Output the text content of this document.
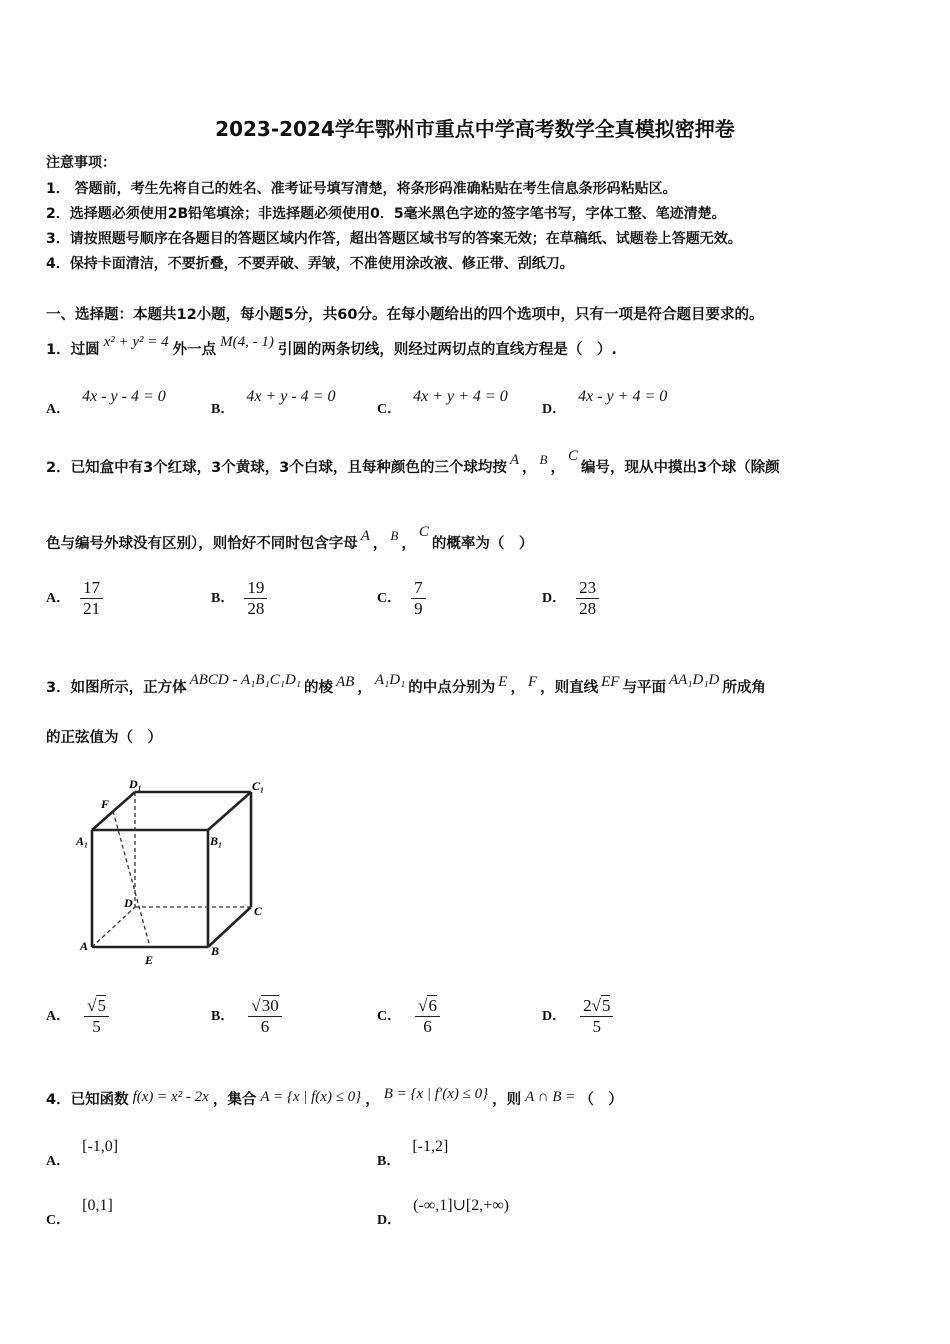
2023-2024学年鄂州市重点中学高考数学全真模拟密押卷
注意事项：
1． 答题前，考生先将自己的姓名、准考证号填写清楚，将条形码准确粘贴在考生信息条形码粘贴区。
2．选择题必须使用2B铅笔填涂；非选择题必须使用0．5毫米黑色字迹的签字笔书写，字体工整、笔迹清楚。
3．请按照题号顺序在各题目的答题区域内作答，超出答题区域书写的答案无效；在草稿纸、试题卷上答题无效。
4．保持卡面清洁，不要折叠，不要弄破、弄皱，不准使用涂改液、修正带、刮纸刀。
一、选择题：本题共12小题，每小题5分，共60分。在每小题给出的四个选项中，只有一项是符合题目要求的。
1．过圆 x² + y² = 4 外一点 M(4, - 1) 引圆的两条切线，则经过两切点的直线方程是（　）.
A．4x - y - 4 = 0
B．4x + y - 4 = 0
C．4x + y + 4 = 0
D．4x - y + 4 = 0
2．已知盒中有3个红球，3个黄球，3个白球，且每种颜色的三个球均按 A ，B，C编号，现从中摸出3个球（除颜
色与编号外球没有区别），则恰好不同时包含字母 A ，B，C的概率为（　）
A． $\frac{17}{21}$	B． $\frac{19}{28}$	C． $\frac{7}{9}$	D． $\frac{23}{28}$
3．如图所示，正方体 ABCD - A₁B₁C₁D₁ 的棱 AB ， A₁D₁ 的中点分别为 E ， F ，则直线 EF 与平面 AA₁D₁D 所成角
的正弦值为（　）
D₁	C₁
F
A₁	B₁
D
C
A	B
E
A． $\frac{√5}{5}$	B． $\frac{√30}{6}$	C． $\frac{√6}{6}$	D． $\frac{2√5}{5}$
4．已知函数 f(x) = x² - 2x ，集合 A = {x | f(x) ≤ 0} ， B = {x | f′(x) ≤ 0} ，则 A ∩ B = （　）
A．[-1,0]
B．[-1,2]
C．[0,1]
D．(-∞,1]∪[2,+∞)
